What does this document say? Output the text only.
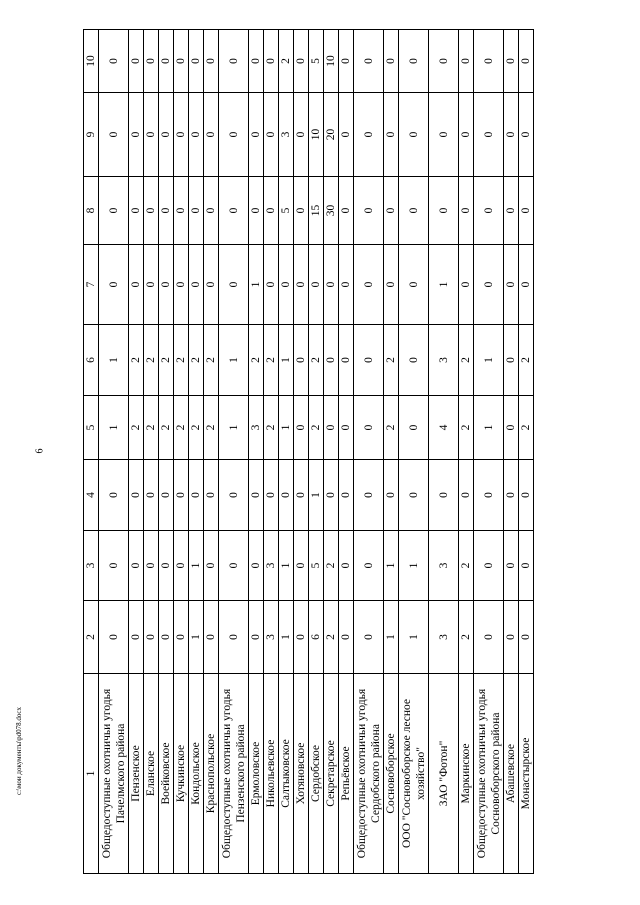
6
c:\мои документы\pd078.docx	1	2	3	4	5	6	7	8	9	10
Общедоступные охотничьи угодья Пачелмского района	0	0	0	1	1	0	0	0	0
Пензенское	0	0	0	2	2	0	0	0	0
Еланское	0	0	0	2	2	0	0	0	0
Воейковское	0	0	0	2	2	0	0	0	0
Кучкинское	0	0	0	2	2	0	0	0	0
Кондольское	1	1	0	2	2	0	0	0	0
Краснопольское	0	0	0	2	2	0	0	0	0
Общедоступные охотничьи угодья Пензенского района	0	0	0	1	1	0	0	0	0
Ермоловское	0	0	0	3	2	1	0	0	0
Никольевское	3	3	0	2	2	0	0	0	0
Салтыковское	1	1	0	1	1	0	5	3	2
Хотяновское	0	0	0	0	0	0	0	0	0
Сердобское	6	5	1	2	2	0	15	10	5
Секретарское	2	2	0	0	0	0	30	20	10
Репьёвское	0	0	0	0	0	0	0	0	0
Общедоступные охотничьи угодья Сердобского района	0	0	0	0	0	0	0	0	0
Сосновоборское	1	1	0	2	2	0	0	0	0
ООО "Сосновоборское лесное хозяйство"	1	1	0	0	0	0	0	0	0
ЗАО "Фотон"	3	3	0	4	3	1	0	0	0
Маркинское	2	2	0	2	2	0	0	0	0
Общедоступные охотничьи угодья Сосновоборского района	0	0	0	1	1	0	0	0	0
Абашевское	0	0	0	0	0	0	0	0	0
Монастырское	0	0	0	2	2	0	0	0	0
